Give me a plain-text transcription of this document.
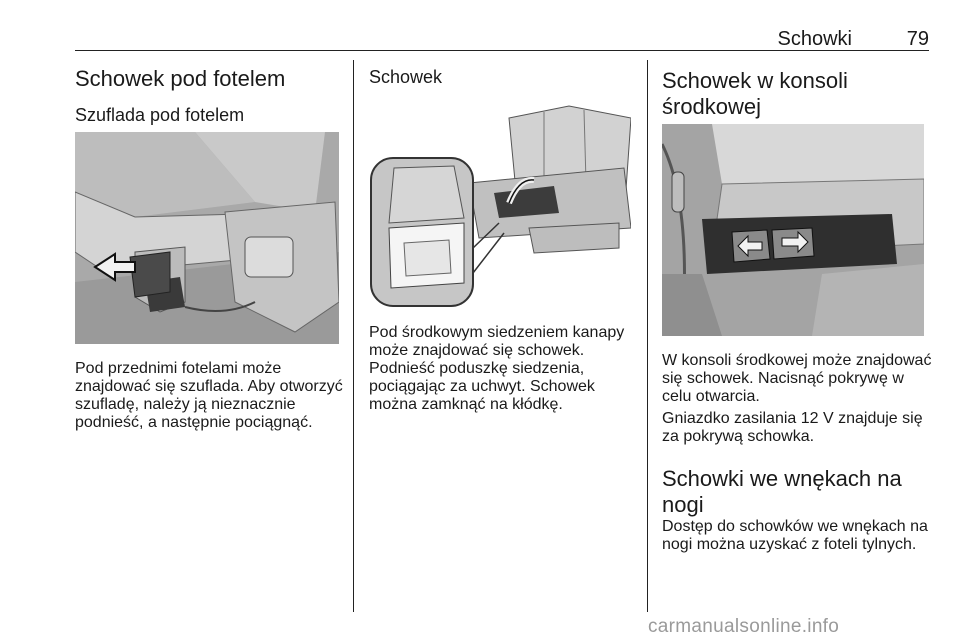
Schowki	79
Schowek pod fotelem
Szuflada pod fotelem

Pod przednimi fotelami może znajdować się szuflada. Aby otworzyć szufladę, należy ją nieznacznie podnieść, a następnie pociągnąć.

Schowek

Pod środkowym siedzeniem kanapy może znajdować się schowek. Podnieść poduszkę siedzenia, pociągając za uchwyt. Schowek można zamknąć na kłódkę.

Schowek w konsoli środkowej

W konsoli środkowej może znajdować się schowek. Nacisnąć pokrywę w celu otwarcia.

Gniazdko zasilania 12 V znajduje się za pokrywą schowka.

Schowki we wnękach na nogi

Dostęp do schowków we wnękach na nogi można uzyskać z foteli tylnych.

carmanualsonline.info
